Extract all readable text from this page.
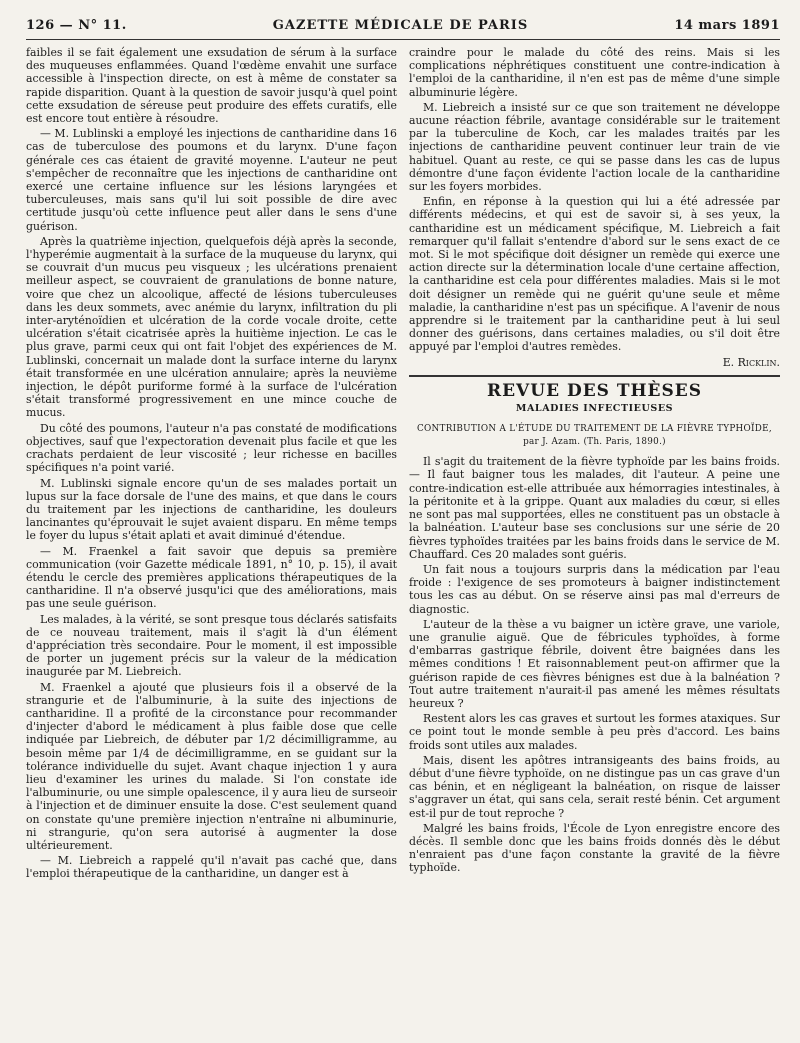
126 — N° 11.	GAZETTE MÉDICALE DE PARIS	14 mars 1891

faibles il se fait également une exsudation de sérum à la surface des muqueuses enflammées. Quand l'œdème envahit une surface accessible à l'inspection directe, on est à même de constater sa rapide disparition. Quant à la question de savoir jusqu'à quel point cette exsudation de séreuse peut produire des effets curatifs, elle est encore tout entière à résoudre.

— M. Lublinski a employé les injections de cantharidine dans 16 cas de tuberculose des poumons et du larynx. D'une façon générale ces cas étaient de gravité moyenne. L'auteur ne peut s'empêcher de reconnaître que les injections de cantharidine ont exercé une certaine influence sur les lésions laryngées et tuberculeuses, mais sans qu'il lui soit possible de dire avec certitude jusqu'où cette influence peut aller dans le sens d'une guérison.

Après la quatrième injection, quelquefois déjà après la seconde, l'hyperémie augmentait à la surface de la muqueuse du larynx, qui se couvrait d'un mucus peu visqueux ; les ulcérations prenaient meilleur aspect, se couvraient de granulations de bonne nature, voire que chez un alcoolique, affecté de lésions tuberculeuses dans les deux sommets, avec anémie du larynx, infiltration du pli inter-aryténoïdien et ulcération de la corde vocale droite, cette ulcération s'était cicatrisée après la huitième injection. Le cas le plus grave, parmi ceux qui ont fait l'objet des expériences de M. Lublinski, concernait un malade dont la surface interne du larynx était transformée en une ulcération annulaire; après la neuvième injection, le dépôt puriforme formé à la surface de l'ulcération s'était transformé progressivement en une mince couche de mucus.

Du côté des poumons, l'auteur n'a pas constaté de modifications objectives, sauf que l'expectoration devenait plus facile et que les crachats perdaient de leur viscosité ; leur richesse en bacilles spécifiques n'a point varié.

M. Lublinski signale encore qu'un de ses malades portait un lupus sur la face dorsale de l'une des mains, et que dans le cours du traitement par les injections de cantharidine, les douleurs lancinantes qu'éprouvait le sujet avaient disparu. En même temps le foyer du lupus s'était aplati et avait diminué d'étendue.

— M. Fraenkel a fait savoir que depuis sa première communication (voir Gazette médicale 1891, n° 10, p. 15), il avait étendu le cercle des premières applications thérapeutiques de la cantharidine. Il n'a observé jusqu'ici que des améliorations, mais pas une seule guérison.

Les malades, à la vérité, se sont presque tous déclarés satisfaits de ce nouveau traitement, mais il s'agit là d'un élément d'appréciation très secondaire. Pour le moment, il est impossible de porter un jugement précis sur la valeur de la médication inaugurée par M. Liebreich.

M. Fraenkel a ajouté que plusieurs fois il a observé de la strangurie et de l'albuminurie, à la suite des injections de cantharidine. Il a profité de la circonstance pour recommander d'injecter d'abord le médicament à plus faible dose que celle indiquée par Liebreich, de débuter par 1/2 décimilligramme, au besoin même par 1/4 de décimilligramme, en se guidant sur la tolérance individuelle du sujet. Avant chaque injection 1 y aura lieu d'examiner les urines du malade. Si l'on constate ide l'albuminurie, ou une simple opalescence, il y aura lieu de surseoir à l'injection et de diminuer ensuite la dose. C'est seulement quand on constate qu'une première injection n'entraîne ni albuminurie, ni strangurie, qu'on sera autorisé à augmenter la dose ultérieurement.

— M. Liebreich a rappelé qu'il n'avait pas caché que, dans l'emploi thérapeutique de la cantharidine, un danger est à

craindre pour le malade du côté des reins. Mais si les complications néphrétiques constituent une contre-indication à l'emploi de la cantharidine, il n'en est pas de même d'une simple albuminurie légère.

M. Liebreich a insisté sur ce que son traitement ne développe aucune réaction fébrile, avantage considérable sur le traitement par la tuberculine de Koch, car les malades traités par les injections de cantharidine peuvent continuer leur train de vie habituel. Quant au reste, ce qui se passe dans les cas de lupus démontre d'une façon évidente l'action locale de la cantharidine sur les foyers morbides.

Enfin, en réponse à la question qui lui a été adressée par différents médecins, et qui est de savoir si, à ses yeux, la cantharidine est un médicament spécifique, M. Liebreich a fait remarquer qu'il fallait s'entendre d'abord sur le sens exact de ce mot. Si le mot spécifique doit désigner un remède qui exerce une action directe sur la détermination locale d'une certaine affection, la cantharidine est cela pour différentes maladies. Mais si le mot doit désigner un remède qui ne guérit qu'une seule et même maladie, la cantharidine n'est pas un spécifique. A l'avenir de nous apprendre si le traitement par la cantharidine peut à lui seul donner des guérisons, dans certaines maladies, ou s'il doit être appuyé par l'emploi d'autres remèdes.

E. Ricklin.

REVUE DES THÈSES
MALADIES INFECTIEUSES
CONTRIBUTION A L'ÉTUDE DU TRAITEMENT DE LA FIÈVRE TYPHOÏDE,
par J. Azam. (Th. Paris, 1890.)

Il s'agit du traitement de la fièvre typhoïde par les bains froids. — Il faut baigner tous les malades, dit l'auteur. A peine une contre-indication est-elle attribuée aux hémorragies intestinales, à la péritonite et à la grippe. Quant aux maladies du cœur, si elles ne sont pas mal supportées, elles ne constituent pas un obstacle à la balnéation. L'auteur base ses conclusions sur une série de 20 fièvres typhoïdes traitées par les bains froids dans le service de M. Chauffard. Ces 20 malades sont guéris.

Un fait nous a toujours surpris dans la médication par l'eau froide : l'exigence de ses promoteurs à baigner indistinctement tous les cas au début. On se réserve ainsi pas mal d'erreurs de diagnostic.

L'auteur de la thèse a vu baigner un ictère grave, une variole, une granulie aiguë. Que de fébricules typhoïdes, à forme d'embarras gastrique fébrile, doivent être baignées dans les mêmes conditions ! Et raisonnablement peut-on affirmer que la guérison rapide de ces fièvres bénignes est due à la balnéation ? Tout autre traitement n'aurait-il pas amené les mêmes résultats heureux ?

Restent alors les cas graves et surtout les formes ataxiques. Sur ce point tout le monde semble à peu près d'accord. Les bains froids sont utiles aux malades.

Mais, disent les apôtres intransigeants des bains froids, au début d'une fièvre typhoïde, on ne distingue pas un cas grave d'un cas bénin, et en négligeant la balnéation, on risque de laisser s'aggraver un état, qui sans cela, serait resté bénin. Cet argument est-il pur de tout reproche ?

Malgré les bains froids, l'École de Lyon enregistre encore des décès. Il semble donc que les bains froids donnés dès le début n'enraient pas d'une façon constante la gravité de la fièvre typhoïde.
